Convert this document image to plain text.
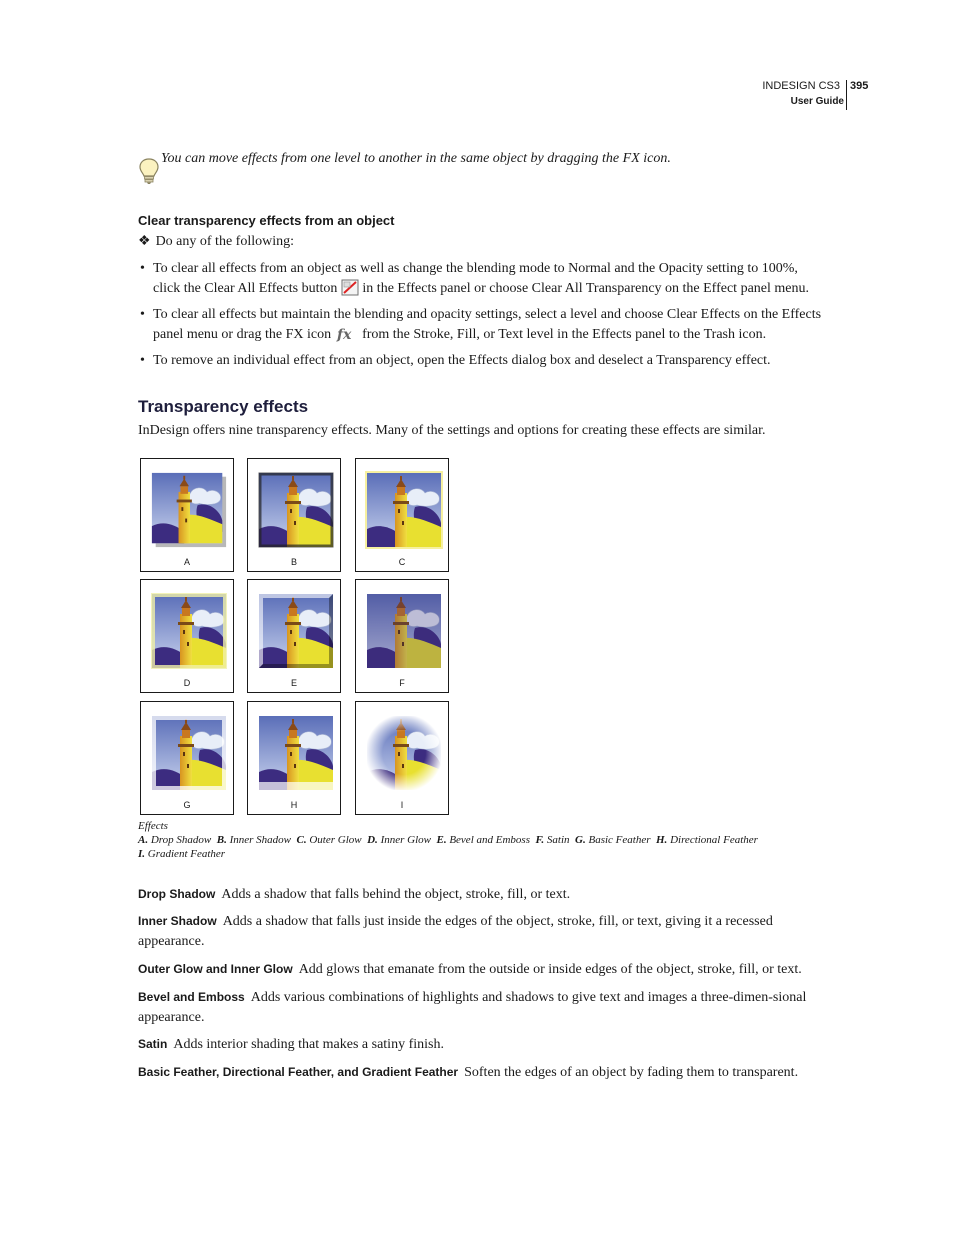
INDESIGN CS3 395
User Guide
You can move effects from one level to another in the same object by dragging the FX icon.
Clear transparency effects from an object
❖ Do any of the following:
• To clear all effects from an object as well as change the blending mode to Normal and the Opacity setting to 100%, click the Clear All Effects button in the Effects panel or choose Clear All Transparency on the Effect panel menu.
• To clear all effects but maintain the blending and opacity settings, select a level and choose Clear Effects on the Effects panel menu or drag the FX icon fx from the Stroke, Fill, or Text level in the Effects panel to the Trash icon.
• To remove an individual effect from an object, open the Effects dialog box and deselect a Transparency effect.
Transparency effects
InDesign offers nine transparency effects. Many of the settings and options for creating these effects are similar.
A	B	C
D	E	F
G	H	I
Effects
A. Drop Shadow B. Inner Shadow C. Outer Glow D. Inner Glow E. Bevel and Emboss F. Satin G. Basic Feather H. Directional Feather
I. Gradient Feather
Drop Shadow Adds a shadow that falls behind the object, stroke, fill, or text.
Inner Shadow Adds a shadow that falls just inside the edges of the object, stroke, fill, or text, giving it a recessed appearance.
Outer Glow and Inner Glow Add glows that emanate from the outside or inside edges of the object, stroke, fill, or text.
Bevel and Emboss Adds various combinations of highlights and shadows to give text and images a three-dimen-sional appearance.
Satin Adds interior shading that makes a satiny finish.
Basic Feather, Directional Feather, and Gradient Feather Soften the edges of an object by fading them to transparent.
